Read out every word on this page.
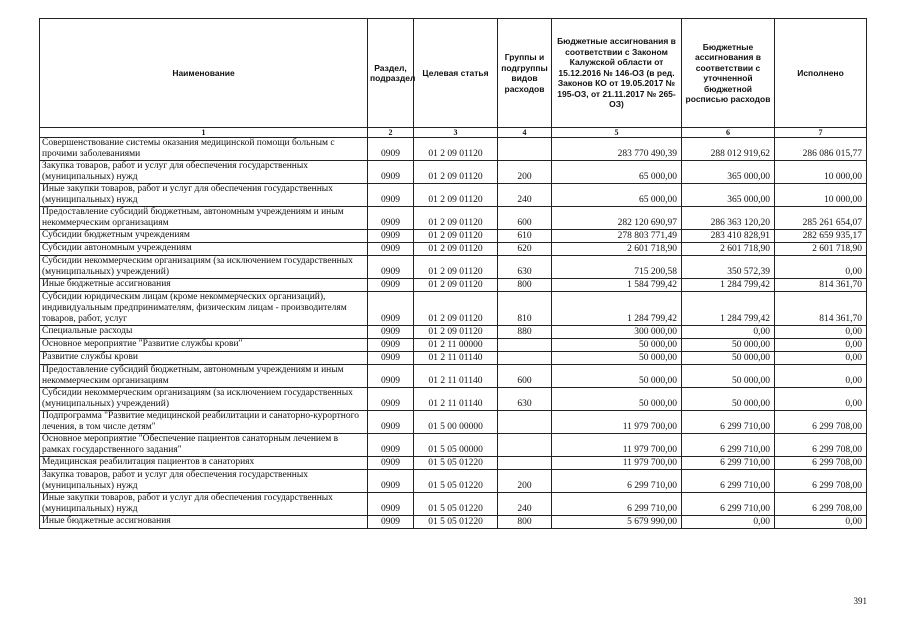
Наименование	Раздел, подраздел	Целевая статья	Группы и подгруппы видов расходов	Бюджетные ассигнования в соответствии с Законом Калужской области от 15.12.2016 № 146-ОЗ (в ред. Законов КО от 19.05.2017 № 195-ОЗ, от 21.11.2017 № 265-ОЗ)	Бюджетные ассигнования в соответствии с уточненной бюджетной росписью расходов	Исполнено
1	2	3	4	5	6	7
Совершенствование системы оказания медицинской помощи больным с прочими заболеваниями	0909	01 2 09 01120		283 770 490,39	288 012 919,62	286 086 015,77
Закупка товаров, работ и услуг для обеспечения государственных (муниципальных) нужд	0909	01 2 09 01120	200	65 000,00	365 000,00	10 000,00
Иные закупки товаров, работ и услуг для обеспечения государственных (муниципальных) нужд	0909	01 2 09 01120	240	65 000,00	365 000,00	10 000,00
Предоставление субсидий бюджетным, автономным учреждениям и иным некоммерческим организациям	0909	01 2 09 01120	600	282 120 690,97	286 363 120,20	285 261 654,07
Субсидии бюджетным учреждениям	0909	01 2 09 01120	610	278 803 771,49	283 410 828,91	282 659 935,17
Субсидии автономным учреждениям	0909	01 2 09 01120	620	2 601 718,90	2 601 718,90	2 601 718,90
Субсидии некоммерческим организациям (за исключением государственных (муниципальных) учреждений)	0909	01 2 09 01120	630	715 200,58	350 572,39	0,00
Иные бюджетные ассигнования	0909	01 2 09 01120	800	1 584 799,42	1 284 799,42	814 361,70
Субсидии юридическим лицам (кроме некоммерческих организаций), индивидуальным предпринимателям, физическим лицам - производителям товаров, работ, услуг	0909	01 2 09 01120	810	1 284 799,42	1 284 799,42	814 361,70
Специальные расходы	0909	01 2 09 01120	880	300 000,00	0,00	0,00
Основное мероприятие "Развитие службы крови"	0909	01 2 11 00000		50 000,00	50 000,00	0,00
Развитие службы крови	0909	01 2 11 01140		50 000,00	50 000,00	0,00
Предоставление субсидий бюджетным, автономным учреждениям и иным некоммерческим организациям	0909	01 2 11 01140	600	50 000,00	50 000,00	0,00
Субсидии некоммерческим организациям (за исключением государственных (муниципальных) учреждений)	0909	01 2 11 01140	630	50 000,00	50 000,00	0,00
Подпрограмма "Развитие медицинской реабилитации и санаторно-курортного лечения, в том числе детям"	0909	01 5 00 00000		11 979 700,00	6 299 710,00	6 299 708,00
Основное мероприятие "Обеспечение пациентов санаторным лечением в рамках государственного задания"	0909	01 5 05 00000		11 979 700,00	6 299 710,00	6 299 708,00
Медицинская реабилитация пациентов в санаториях	0909	01 5 05 01220		11 979 700,00	6 299 710,00	6 299 708,00
Закупка товаров, работ и услуг для обеспечения государственных (муниципальных) нужд	0909	01 5 05 01220	200	6 299 710,00	6 299 710,00	6 299 708,00
Иные закупки товаров, работ и услуг для обеспечения государственных (муниципальных) нужд	0909	01 5 05 01220	240	6 299 710,00	6 299 710,00	6 299 708,00
Иные бюджетные ассигнования	0909	01 5 05 01220	800	5 679 990,00	0,00	0,00
391
